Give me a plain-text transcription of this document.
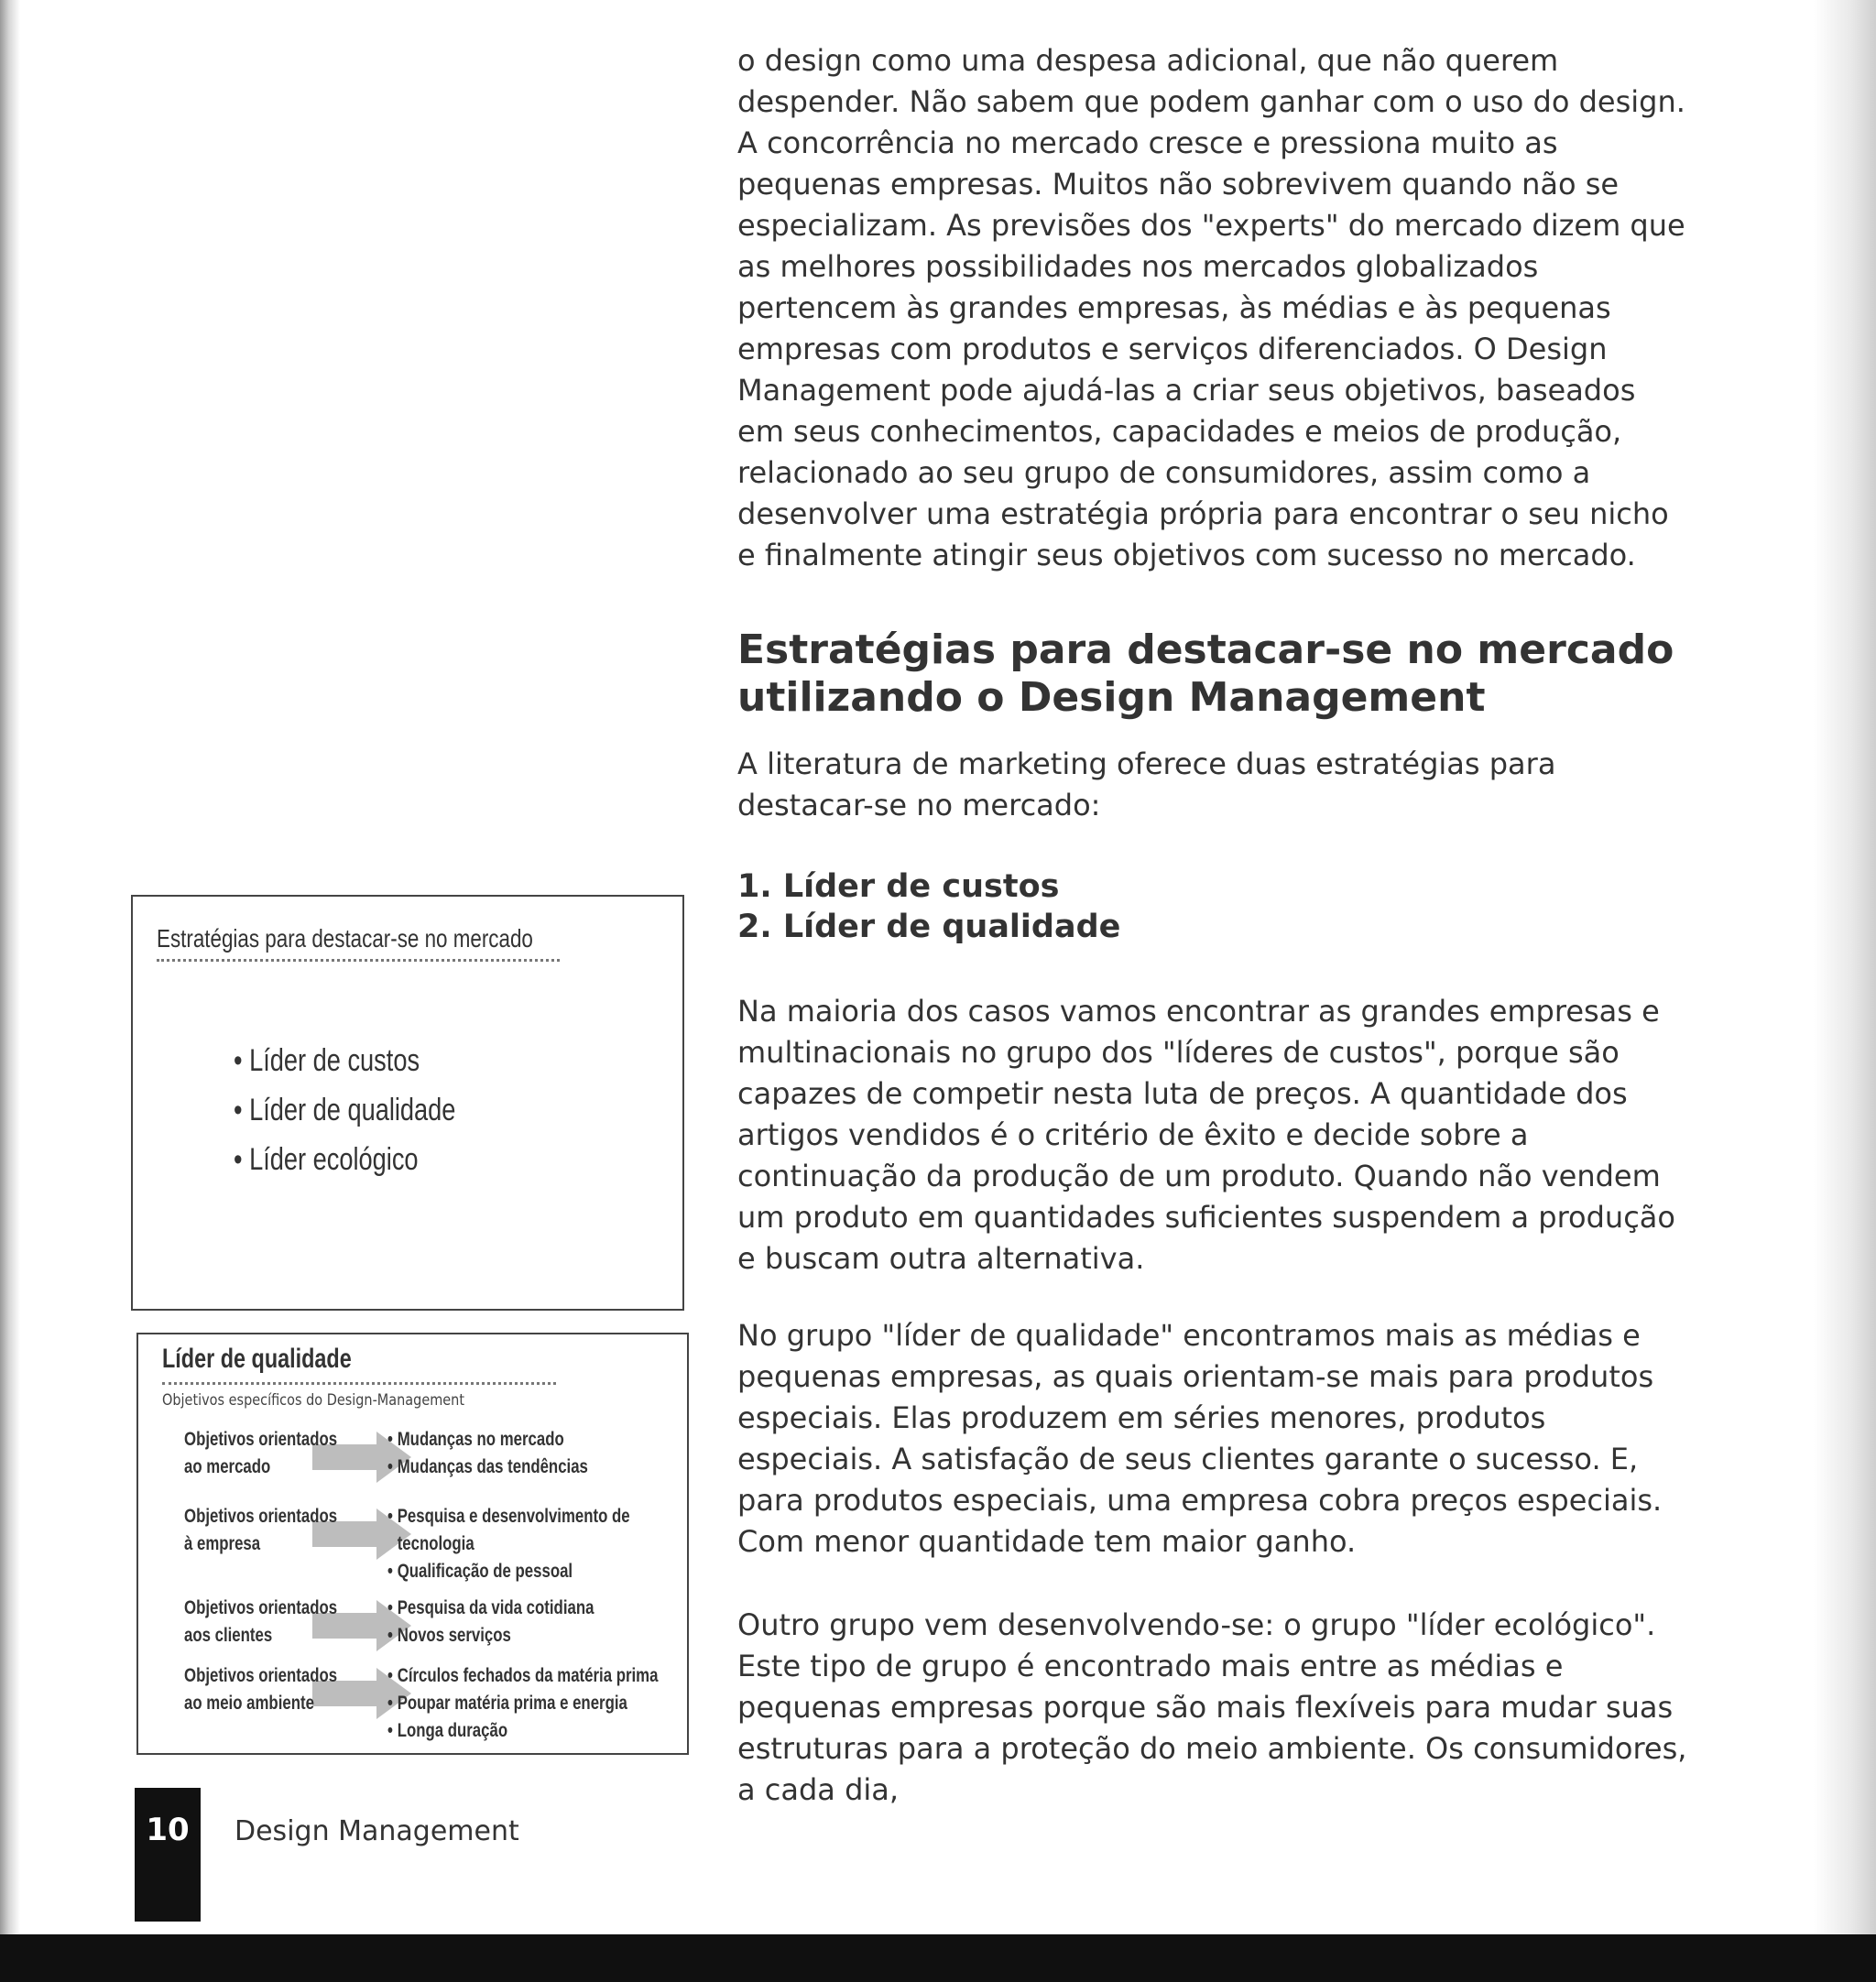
o design como uma despesa adicional, que não querem despender. Não sabem que podem ganhar com o uso do design. A concorrência no mercado cresce e pressiona muito as pequenas empresas. Muitos não sobrevivem quando não se especializam. As previsões dos "experts" do mercado dizem que as melhores possibilidades nos mercados globalizados pertencem às grandes empresas, às médias e às pequenas empresas com produtos e serviços diferenciados. O Design Management pode ajudá-las a criar seus objetivos, baseados em seus conhecimentos, capacidades e meios de produção, relacionado ao seu grupo de consumidores, assim como a desenvolver uma estratégia própria para encontrar o seu nicho e finalmente atingir seus objetivos com sucesso no mercado.

Estratégias para destacar-se no mercado utilizando o Design Management

A literatura de marketing oferece duas estratégias para destacar-se no mercado:

1. Líder de custos
2. Líder de qualidade

Na maioria dos casos vamos encontrar as grandes empresas e multinacionais no grupo dos "líderes de custos", porque são capazes de competir nesta luta de preços. A quantidade dos artigos vendidos é o critério de êxito e decide sobre a continuação da produção de um produto. Quando não vendem um produto em quantidades suficientes suspendem a produção e buscam outra alternativa.

No grupo "líder de qualidade" encontramos mais as médias e pequenas empresas, as quais orientam-se mais para produtos especiais. Elas produzem em séries menores, produtos especiais. A satisfação de seus clientes garante o sucesso. E, para produtos especiais, uma empresa cobra preços especiais. Com menor quantidade tem maior ganho.

Outro grupo vem desenvolvendo-se: o grupo "líder ecológico". Este tipo de grupo é encontrado mais entre as médias e pequenas empresas porque são mais flexíveis para mudar suas estruturas para a proteção do meio ambiente. Os consumidores, a cada dia,

Estratégias para destacar-se no mercado
• Líder de custos
• Líder de qualidade
• Líder ecológico
Líder de qualidade
Objetivos específicos do Design-Management
Objetivos orientados
ao mercado
• Mudanças no mercado
• Mudanças das tendências
Objetivos orientados
à empresa
• Pesquisa e desenvolvimento de
tecnologia
• Qualificação de pessoal
Objetivos orientados
aos clientes
• Pesquisa da vida cotidiana
• Novos serviços
Objetivos orientados
ao meio ambiente
• Círculos fechados da matéria prima
• Poupar matéria prima e energia
• Longa duração
10	Design Management
